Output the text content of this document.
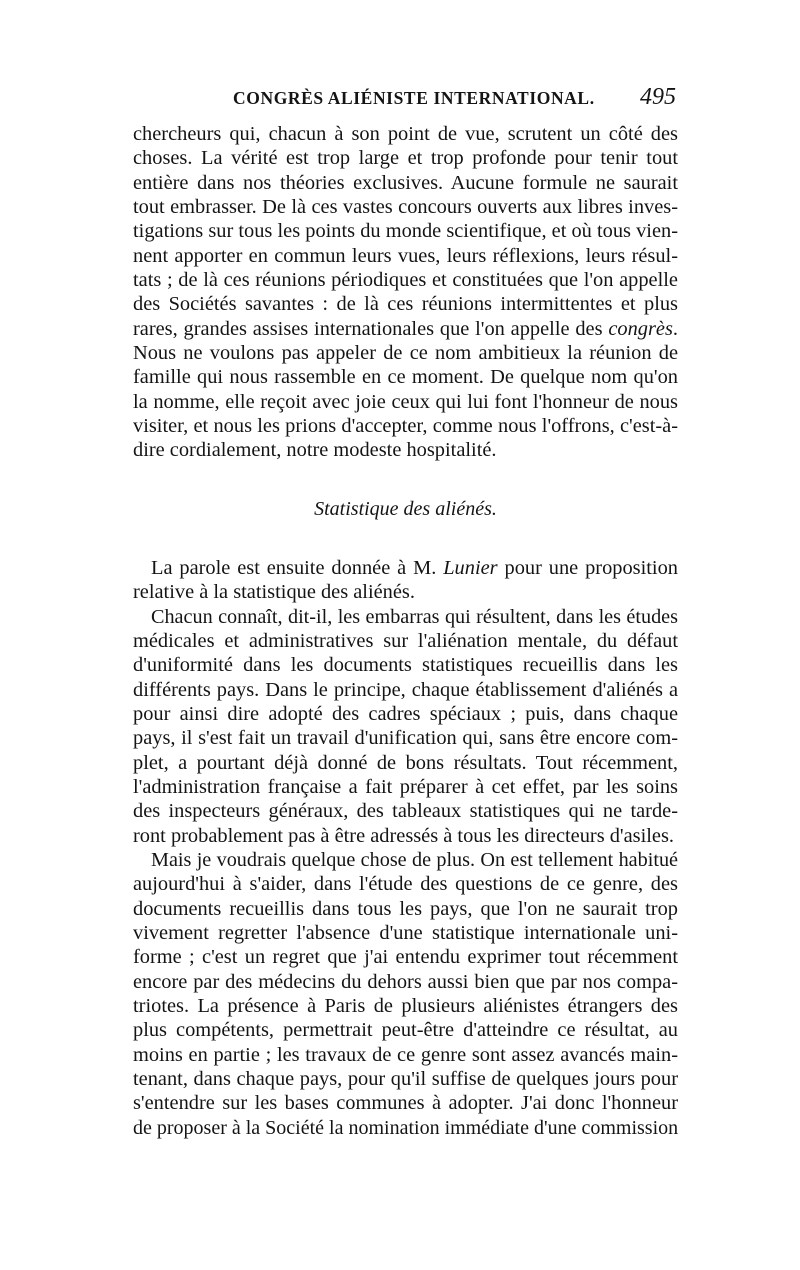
CONGRÈS ALIÉNISTE INTERNATIONAL. 495
chercheurs qui, chacun à son point de vue, scrutent un côté des
choses. La vérité est trop large et trop profonde pour tenir tout
entière dans nos théories exclusives. Aucune formule ne saurait
tout embrasser. De là ces vastes concours ouverts aux libres inves-
tigations sur tous les points du monde scientifique, et où tous vien-
nent apporter en commun leurs vues, leurs réflexions, leurs résul-
tats ; de là ces réunions périodiques et constituées que l'on appelle
des Sociétés savantes : de là ces réunions intermittentes et plus
rares, grandes assises internationales que l'on appelle des congrès.
Nous ne voulons pas appeler de ce nom ambitieux la réunion de
famille qui nous rassemble en ce moment. De quelque nom qu'on
la nomme, elle reçoit avec joie ceux qui lui font l'honneur de nous
visiter, et nous les prions d'accepter, comme nous l'offrons, c'est-à-
dire cordialement, notre modeste hospitalité.
Statistique des aliénés.
La parole est ensuite donnée à M. Lunier pour une proposition
relative à la statistique des aliénés.
Chacun connaît, dit-il, les embarras qui résultent, dans les études
médicales et administratives sur l'aliénation mentale, du défaut
d'uniformité dans les documents statistiques recueillis dans les
différents pays. Dans le principe, chaque établissement d'aliénés a
pour ainsi dire adopté des cadres spéciaux ; puis, dans chaque
pays, il s'est fait un travail d'unification qui, sans être encore com-
plet, a pourtant déjà donné de bons résultats. Tout récemment,
l'administration française a fait préparer à cet effet, par les soins
des inspecteurs généraux, des tableaux statistiques qui ne tarde-
ront probablement pas à être adressés à tous les directeurs d'asiles.
Mais je voudrais quelque chose de plus. On est tellement habitué
aujourd'hui à s'aider, dans l'étude des questions de ce genre, des
documents recueillis dans tous les pays, que l'on ne saurait trop
vivement regretter l'absence d'une statistique internationale uni-
forme ; c'est un regret que j'ai entendu exprimer tout récemment
encore par des médecins du dehors aussi bien que par nos compa-
triotes. La présence à Paris de plusieurs aliénistes étrangers des
plus compétents, permettrait peut-être d'atteindre ce résultat, au
moins en partie ; les travaux de ce genre sont assez avancés main-
tenant, dans chaque pays, pour qu'il suffise de quelques jours pour
s'entendre sur les bases communes à adopter. J'ai donc l'honneur
de proposer à la Société la nomination immédiate d'une commission
